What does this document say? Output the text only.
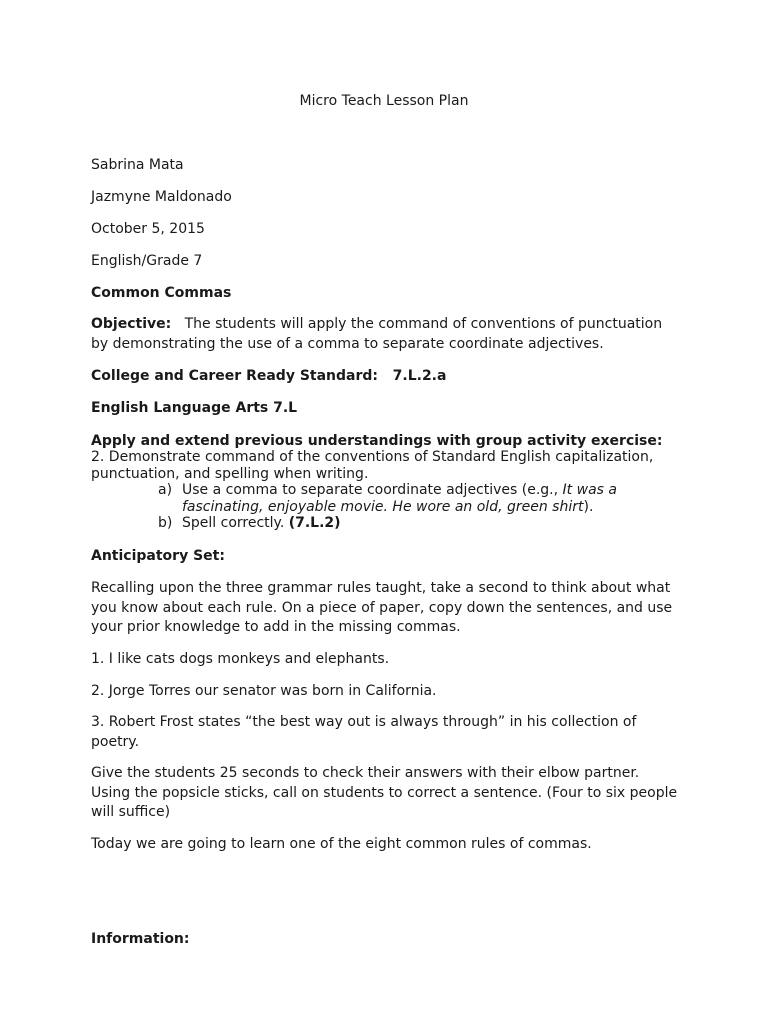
Micro Teach Lesson Plan
Sabrina Mata
Jazmyne Maldonado
October 5, 2015
English/Grade 7
Common Commas
Objective: The students will apply the command of conventions of punctuation by demonstrating the use of a comma to separate coordinate adjectives.
College and Career Ready Standard: 7.L.2.a
English Language Arts 7.L
Apply and extend previous understandings with group activity exercise:
2. Demonstrate command of the conventions of Standard English capitalization,
punctuation, and spelling when writing.
a) Use a comma to separate coordinate adjectives (e.g., It was a
fascinating, enjoyable movie. He wore an old, green shirt).
b) Spell correctly. (7.L.2)
Anticipatory Set:
Recalling upon the three grammar rules taught, take a second to think about what you know about each rule. On a piece of paper, copy down the sentences, and use your prior knowledge to add in the missing commas.
1. I like cats dogs monkeys and elephants.
2. Jorge Torres our senator was born in California.
3. Robert Frost states “the best way out is always through” in his collection of poetry.
Give the students 25 seconds to check their answers with their elbow partner. Using the popsicle sticks, call on students to correct a sentence. (Four to six people will suffice)
Today we are going to learn one of the eight common rules of commas.
Information:
